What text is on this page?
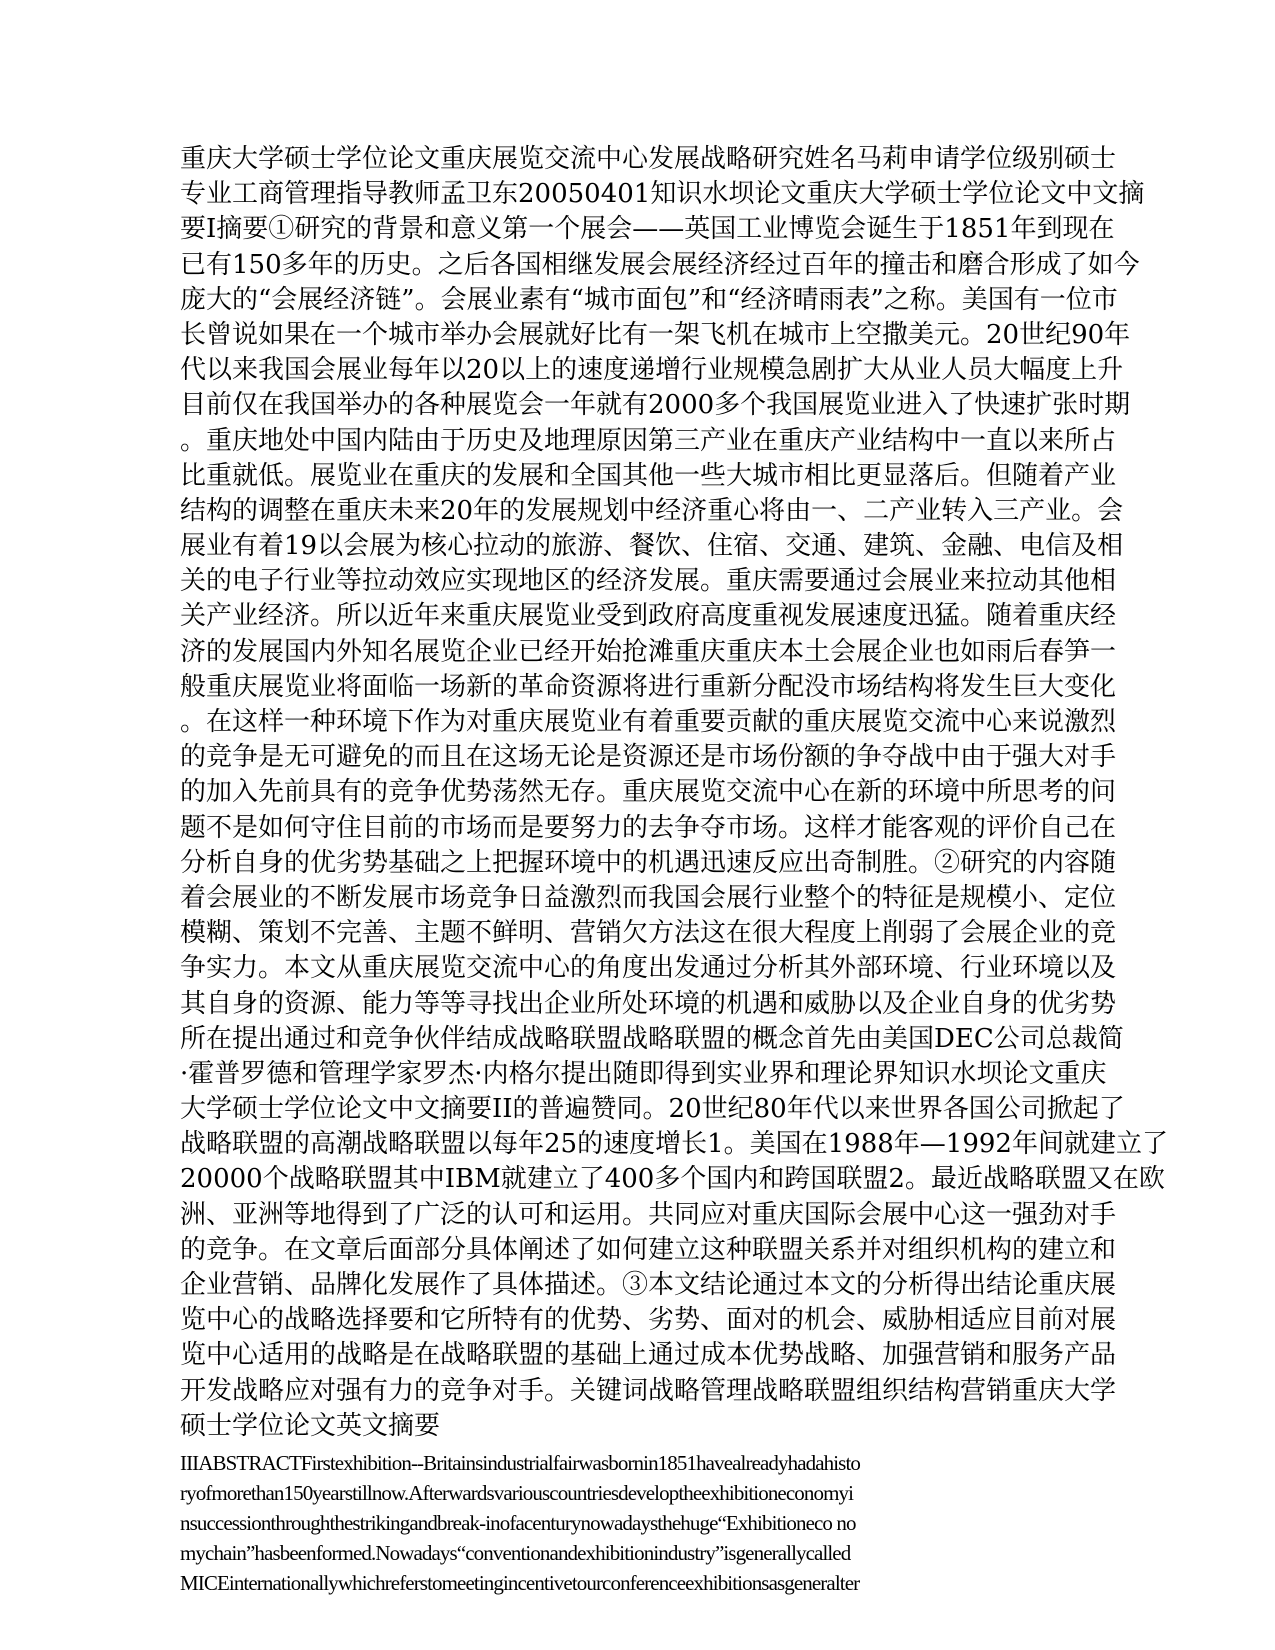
重庆大学硕士学位论文重庆展览交流中心发展战略研究姓名马莉申请学位级别硕士
专业工商管理指导教师孟卫东20050401知识水坝论文重庆大学硕士学位论文中文摘
要I摘要①研究的背景和意义第一个展会——英国工业博览会诞生于1851年到现在
已有150多年的历史。之后各国相继发展会展经济经过百年的撞击和磨合形成了如今
庞大的“会展经济链”。会展业素有“城市面包”和“经济晴雨表”之称。美国有一位市
长曾说如果在一个城市举办会展就好比有一架飞机在城市上空撒美元。20世纪90年
代以来我国会展业每年以20以上的速度递增行业规模急剧扩大从业人员大幅度上升
目前仅在我国举办的各种展览会一年就有2000多个我国展览业进入了快速扩张时期
。重庆地处中国内陆由于历史及地理原因第三产业在重庆产业结构中一直以来所占
比重就低。展览业在重庆的发展和全国其他一些大城市相比更显落后。但随着产业
结构的调整在重庆未来20年的发展规划中经济重心将由一、二产业转入三产业。会
展业有着19以会展为核心拉动的旅游、餐饮、住宿、交通、建筑、金融、电信及相
关的电子行业等拉动效应实现地区的经济发展。重庆需要通过会展业来拉动其他相
关产业经济。所以近年来重庆展览业受到政府高度重视发展速度迅猛。随着重庆经
济的发展国内外知名展览企业已经开始抢滩重庆重庆本土会展企业也如雨后春笋一
般重庆展览业将面临一场新的革命资源将进行重新分配没市场结构将发生巨大变化
。在这样一种环境下作为对重庆展览业有着重要贡献的重庆展览交流中心来说激烈
的竞争是无可避免的而且在这场无论是资源还是市场份额的争夺战中由于强大对手
的加入先前具有的竞争优势荡然无存。重庆展览交流中心在新的环境中所思考的问
题不是如何守住目前的市场而是要努力的去争夺市场。这样才能客观的评价自己在
分析自身的优劣势基础之上把握环境中的机遇迅速反应出奇制胜。②研究的内容随
着会展业的不断发展市场竞争日益激烈而我国会展行业整个的特征是规模小、定位
模糊、策划不完善、主题不鲜明、营销欠方法这在很大程度上削弱了会展企业的竞
争实力。本文从重庆展览交流中心的角度出发通过分析其外部环境、行业环境以及
其自身的资源、能力等等寻找出企业所处环境的机遇和威胁以及企业自身的优劣势
所在提出通过和竞争伙伴结成战略联盟战略联盟的概念首先由美国DEC公司总裁简
·霍普罗德和管理学家罗杰·内格尔提出随即得到实业界和理论界知识水坝论文重庆
大学硕士学位论文中文摘要II的普遍赞同。20世纪80年代以来世界各国公司掀起了
战略联盟的高潮战略联盟以每年25的速度增长1。美国在1988年—1992年间就建立了
20000个战略联盟其中IBM就建立了400多个国内和跨国联盟2。最近战略联盟又在欧
洲、亚洲等地得到了广泛的认可和运用。共同应对重庆国际会展中心这一强劲对手
的竞争。在文章后面部分具体阐述了如何建立这种联盟关系并对组织机构的建立和
企业营销、品牌化发展作了具体描述。③本文结论通过本文的分析得出结论重庆展
览中心的战略选择要和它所特有的优势、劣势、面对的机会、威胁相适应目前对展
览中心适用的战略是在战略联盟的基础上通过成本优势战略、加强营销和服务产品
开发战略应对强有力的竞争对手。关键词战略管理战略联盟组织结构营销重庆大学
硕士学位论文英文摘要
IIIABSTRACTFirstexhibition--Britainsindustrialfairwasbornin1851havealreadyhadahisto
ryofmorethan150yearstillnow.Afterwardsvariouscountriesdeveloptheexhibitioneconomyi
nsuccessionthroughthestrikingandbreak-inofacenturynowadaysthehuge“Exhibitioneco no
mychain”hasbeenformed.Nowadays“conventionandexhibitionindustry”isgenerallycalled
MICEinternationallywhichreferstomeetingincentivetourconferenceexhibitionsasgeneralter
